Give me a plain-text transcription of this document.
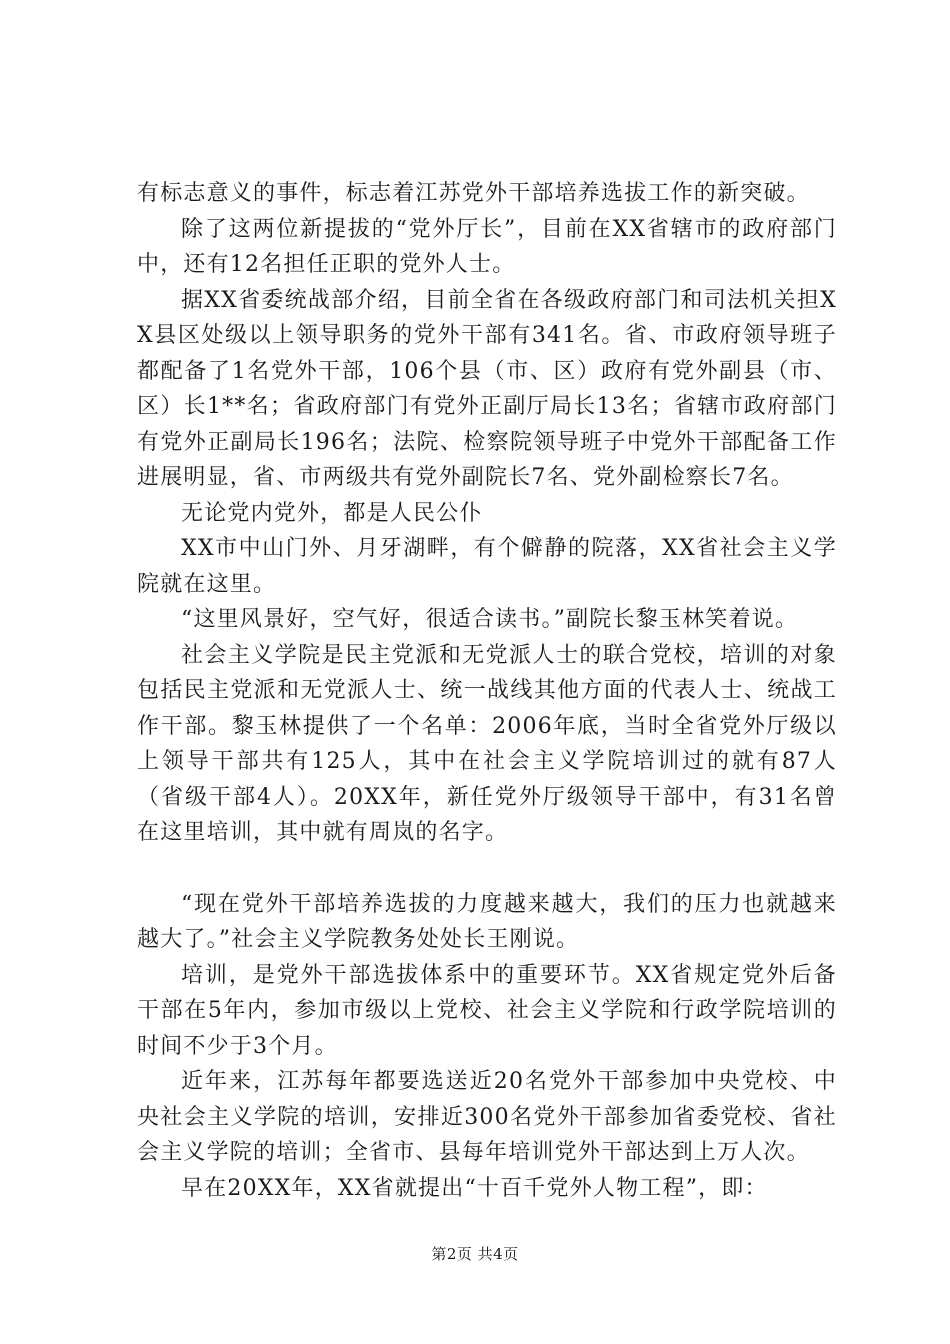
有标志意义的事件，标志着江苏党外干部培养选拔工作的新突破。

除了这两位新提拔的“党外厅长”，目前在XX省辖市的政府部门中，还有12名担任正职的党外人士。

据XX省委统战部介绍，目前全省在各级政府部门和司法机关担XX县区处级以上领导职务的党外干部有341名。省、市政府领导班子都配备了1名党外干部，106个县（市、区）政府有党外副县（市、区）长1**名；省政府部门有党外正副厅局长13名；省辖市政府部门有党外正副局长196名；法院、检察院领导班子中党外干部配备工作进展明显，省、市两级共有党外副院长7名、党外副检察长7名。

无论党内党外，都是人民公仆

XX市中山门外、月牙湖畔，有个僻静的院落，XX省社会主义学院就在这里。

“这里风景好，空气好，很适合读书。”副院长黎玉林笑着说。

社会主义学院是民主党派和无党派人士的联合党校，培训的对象包括民主党派和无党派人士、统一战线其他方面的代表人士、统战工作干部。黎玉林提供了一个名单：2006年底，当时全省党外厅级以上领导干部共有125人，其中在社会主义学院培训过的就有87人（省级干部4人）。20XX年，新任党外厅级领导干部中，有31名曾在这里培训，其中就有周岚的名字。

“现在党外干部培养选拔的力度越来越大，我们的压力也就越来越大了。”社会主义学院教务处处长王刚说。

培训，是党外干部选拔体系中的重要环节。XX省规定党外后备干部在5年内，参加市级以上党校、社会主义学院和行政学院培训的时间不少于3个月。

近年来，江苏每年都要选送近20名党外干部参加中央党校、中央社会主义学院的培训，安排近300名党外干部参加省委党校、省社会主义学院的培训；全省市、县每年培训党外干部达到上万人次。

早在20XX年，XX省就提出“十百千党外人物工程”，即：

第2页 共4页
